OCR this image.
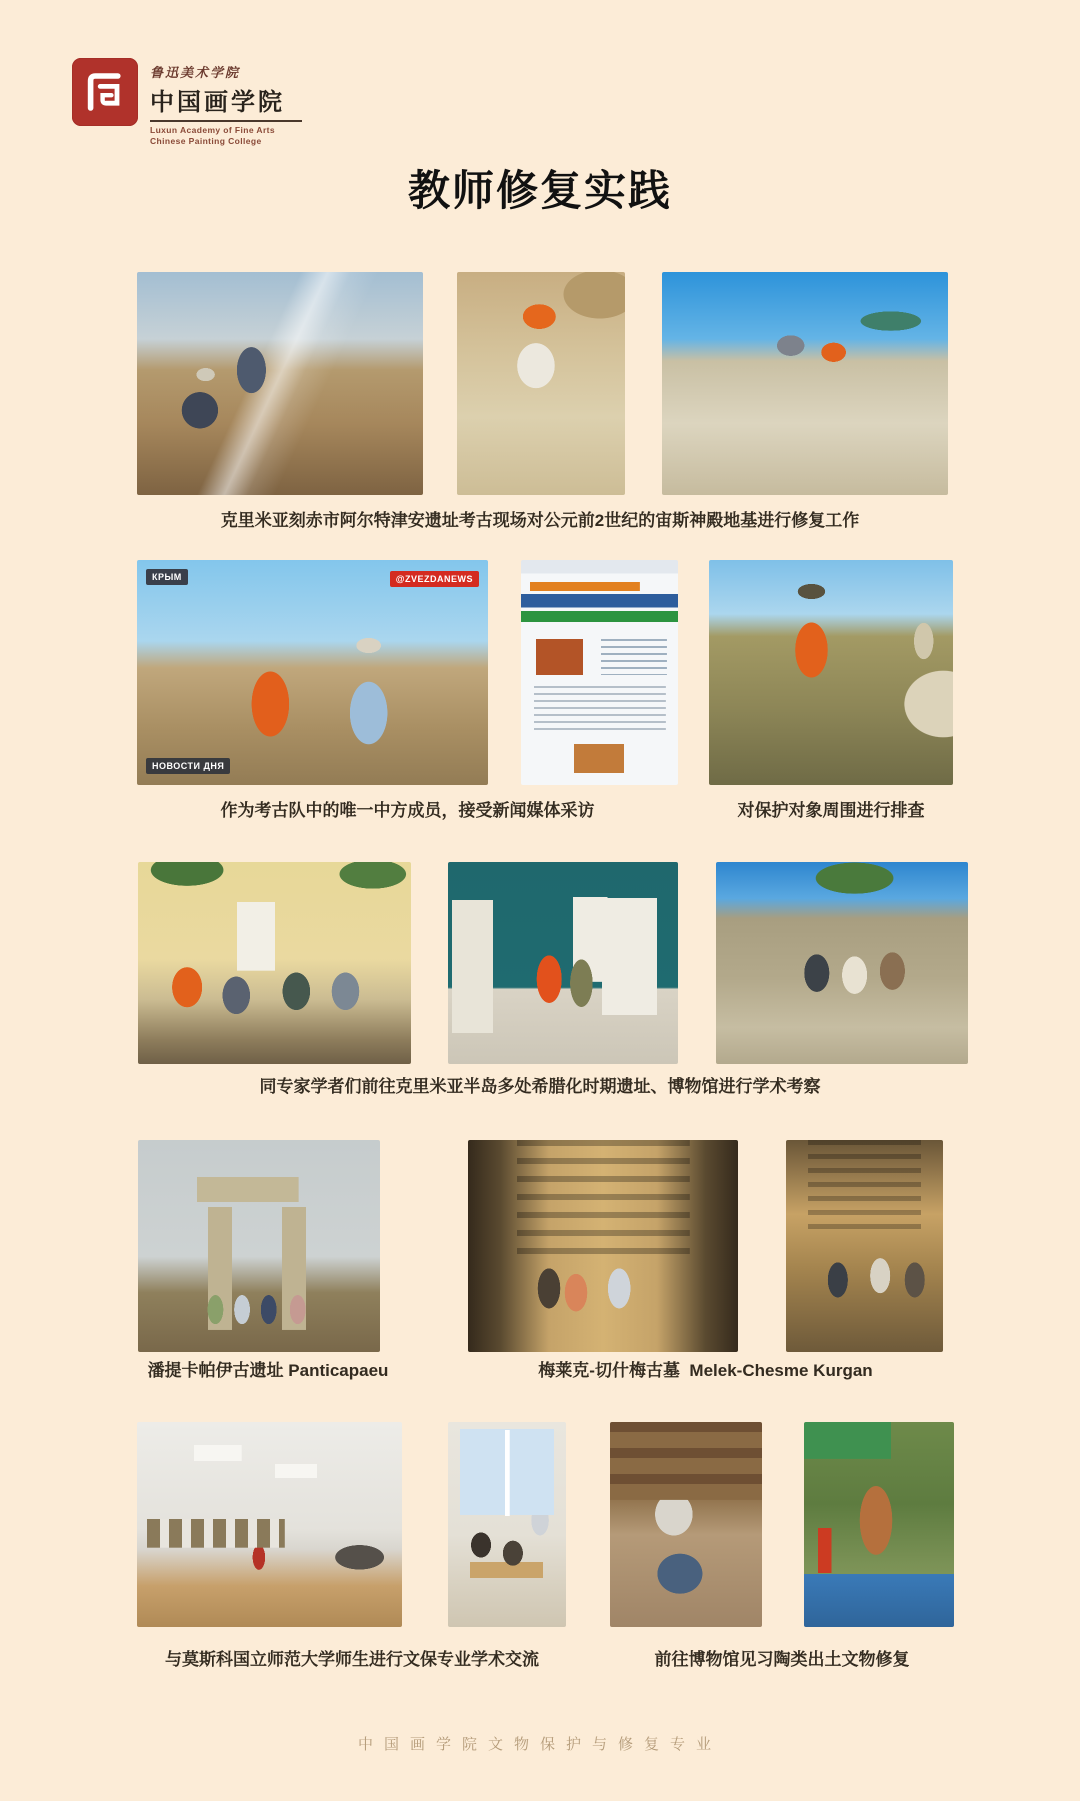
鲁迅美术学院
中国画学院
Luxun Academy of Fine Arts
Chinese Painting College
教师修复实践
克里米亚刻赤市阿尔特津安遗址考古现场对公元前2世纪的宙斯神殿地基进行修复工作
КРЫМ	@ZVEZDANEWS
НОВОСТИ ДНЯ
作为考古队中的唯一中方成员，接受新闻媒体采访	对保护对象周围进行排查
同专家学者们前往克里米亚半岛多处希腊化时期遗址、博物馆进行学术考察
潘提卡帕伊古遗址 Panticapaeu	梅莱克-切什梅古墓  Melek-Chesme Kurgan
与莫斯科国立师范大学师生进行文保专业学术交流	前往博物馆见习陶类出土文物修复
中国画学院文物保护与修复专业
